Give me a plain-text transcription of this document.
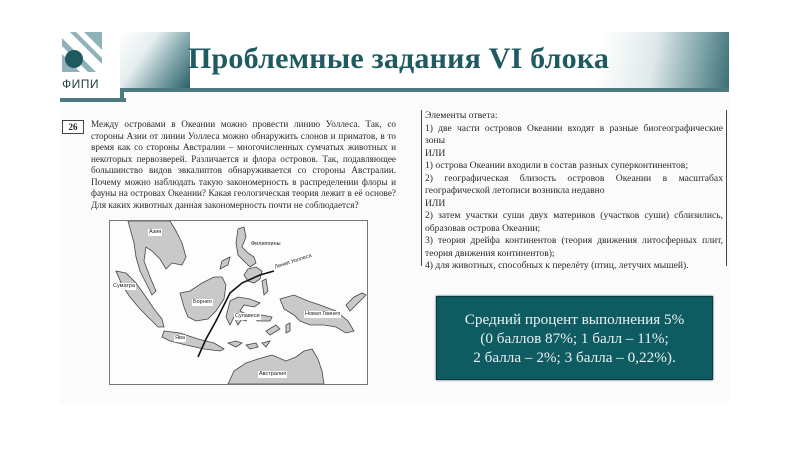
ФИПИ
Проблемные задания VI блока
26	Между островами в Океании можно провести линию Уоллеса. Так, со стороны Азии от линии Уоллеса можно обнаружить слонов и приматов, в то время как со стороны Австралии – многочисленных сумчатых животных и некоторых первозверей. Различается и флора островов. Так, подавляющее большинство видов эвкалиптов обнаруживается со стороны Австралии. Почему можно наблюдать такую закономерность в распределении флоры и фауны на островах Океании? Какая геологическая теория лежит в её основе? Для каких животных данная закономерность почти не соблюдается?
Азия
Филиппины
Линия Уоллеса
Суматра
Борнео
Сулавеси
Ява
Новая Гвинея
Австралия
Элементы ответа:
1) две части островов Океании входят в разные биогеографические зоны
ИЛИ
1) острова Океании входили в состав разных суперконтинентов;
2) географическая близость островов Океании в масштабах географической летописи возникла недавно
ИЛИ
2) затем участки суши двух материков (участков суши) сблизились, образовав острова Океании;
3) теория дрейфа континентов (теория движения литосферных плит, теория движения континентов);
4) для животных, способных к перелёту (птиц, летучих мышей).
Средний процент выполнения 5%
(0 баллов 87%; 1 балл – 11%;
2 балла – 2%; 3 балла – 0,22%).
